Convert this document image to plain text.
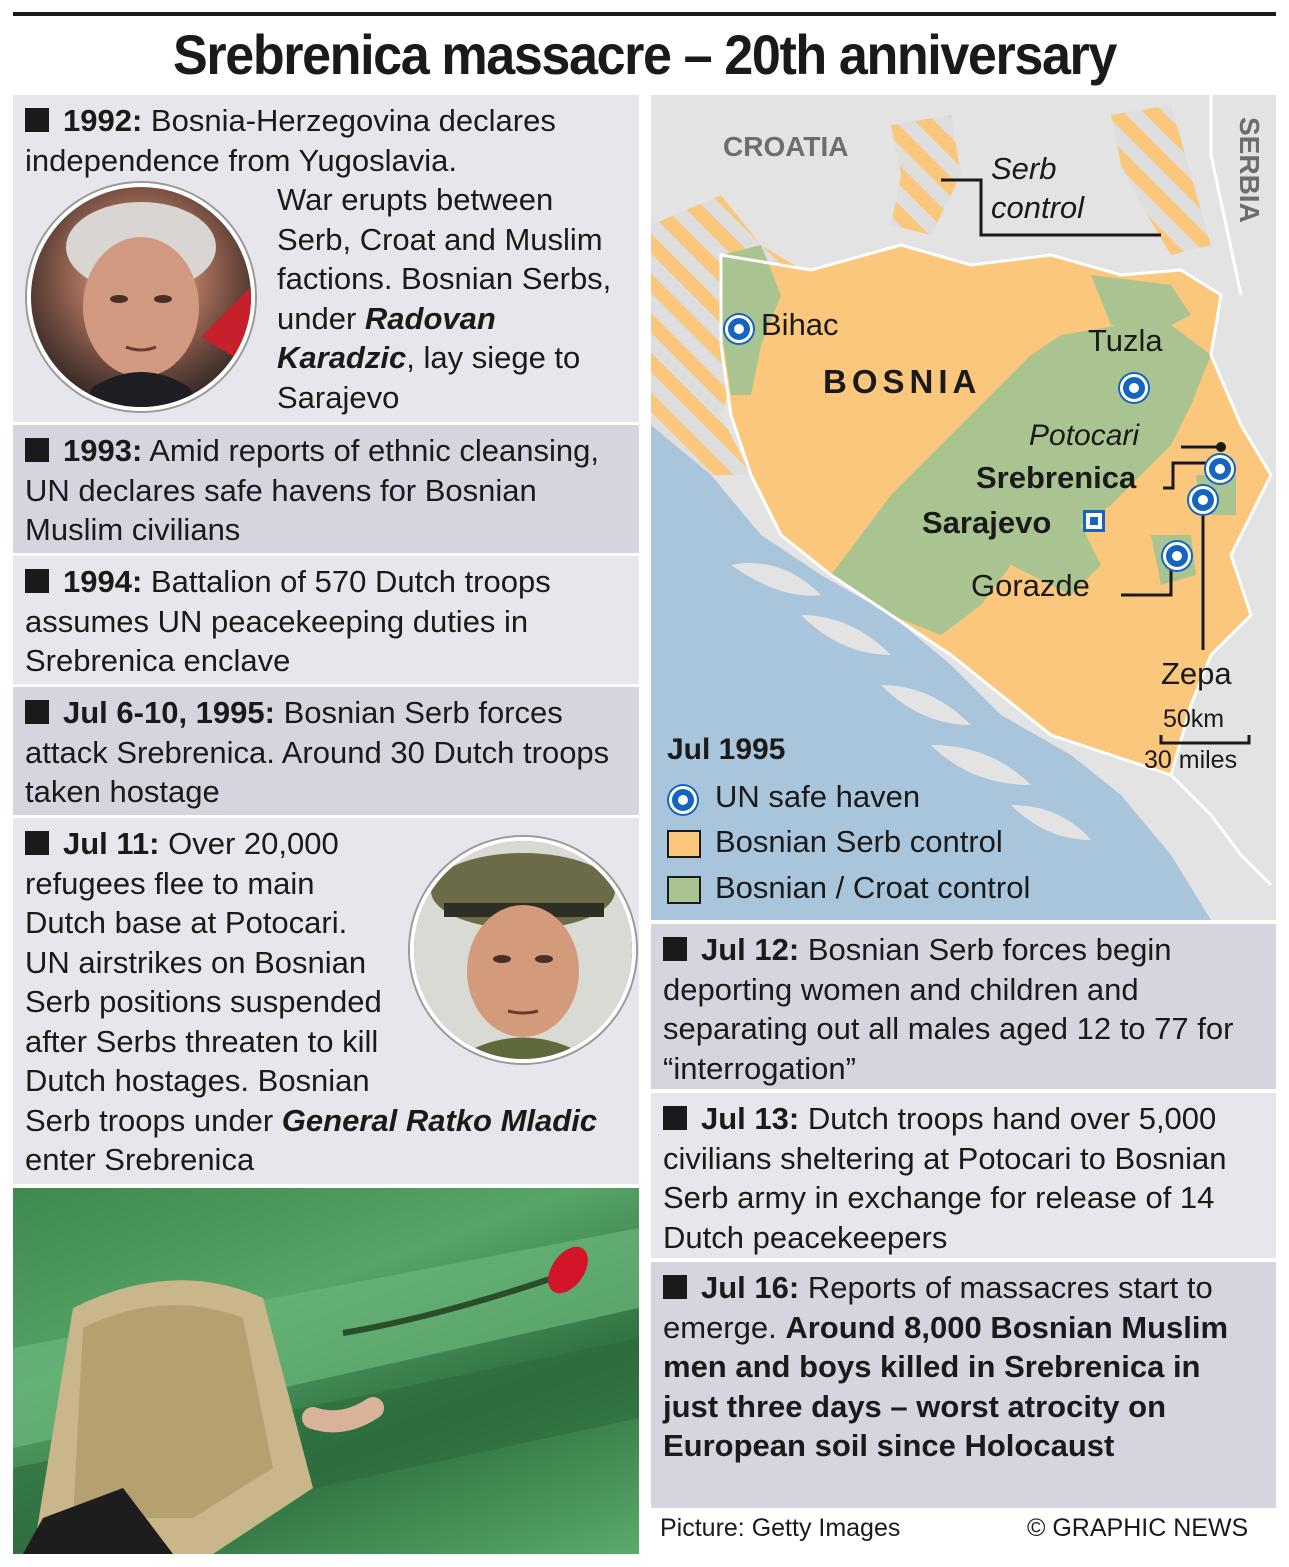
Srebrenica massacre – 20th anniversary
1992: Bosnia-Herzegovina declares independence from Yugoslavia.
War erupts between Serb, Croat and Muslim factions. Bosnian Serbs, under Radovan Karadzic, lay siege to Sarajevo
1993: Amid reports of ethnic cleansing, UN declares safe havens for Bosnian Muslim civilians
1994: Battalion of 570 Dutch troops assumes UN peacekeeping duties in Srebrenica enclave
Jul 6-10, 1995: Bosnian Serb forces attack Srebrenica. Around 30 Dutch troops taken hostage
Jul 11: Over 20,000 refugees flee to main Dutch base at Potocari. UN airstrikes on Bosnian Serb positions suspended after Serbs threaten to kill Dutch hostages. Bosnian Serb troops under General Ratko Mladic enter Srebrenica
CROATIA	SERBIA
Serb control
BOSNIA
Bihac	Tuzla
Potocari
Srebrenica
Sarajevo
Gorazde
Zepa
50km
30 miles
Jul 1995
UN safe haven
Bosnian Serb control
Bosnian / Croat control
Jul 12: Bosnian Serb forces begin deporting women and children and separating out all males aged 12 to 77 for “interrogation”
Jul 13: Dutch troops hand over 5,000 civilians sheltering at Potocari to Bosnian Serb army in exchange for release of 14 Dutch peacekeepers
Jul 16: Reports of massacres start to emerge. Around 8,000 Bosnian Muslim men and boys killed in Srebrenica in just three days – worst atrocity on European soil since Holocaust
Picture: Getty Images	© GRAPHIC NEWS
